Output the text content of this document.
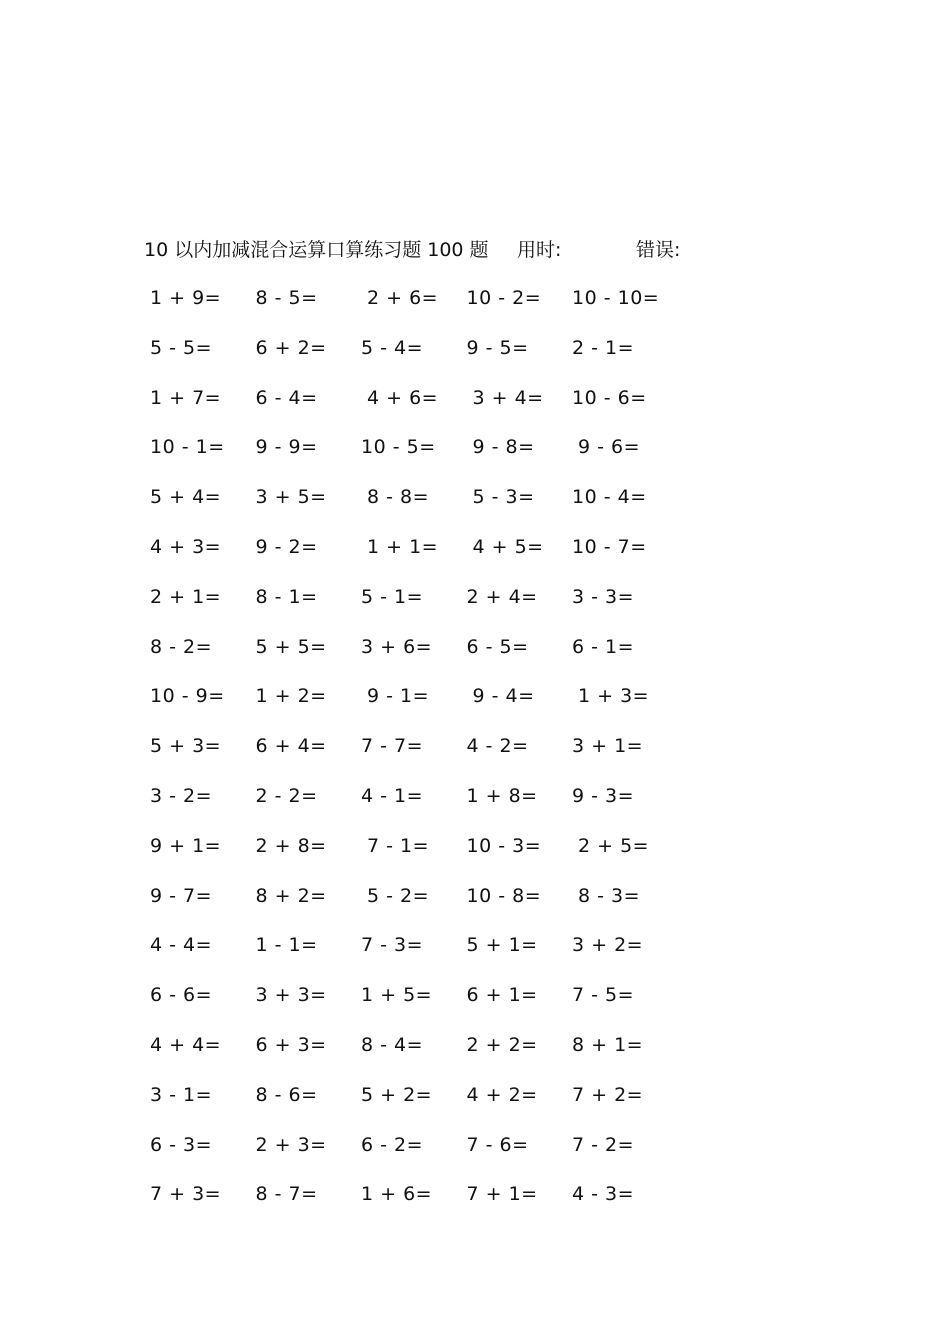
10 以内加减混合运算口算练习题 100 题 用时:	错误:
1 + 9=	8 - 5=	2 + 6=	10 - 2=	10 - 10=
5 - 5=	6 + 2=	5 - 4=	9 - 5=	2 - 1=
1 + 7=	6 - 4=	4 + 6=	3 + 4=	10 - 6=
10 - 1=	9 - 9=	10 - 5=	9 - 8=	9 - 6=
5 + 4=	3 + 5=	8 - 8=	5 - 3=	10 - 4=
4 + 3=	9 - 2=	1 + 1=	4 + 5=	10 - 7=
2 + 1=	8 - 1=	5 - 1=	2 + 4=	3 - 3=
8 - 2=	5 + 5=	3 + 6=	6 - 5=	6 - 1=
10 - 9=	1 + 2=	9 - 1=	9 - 4=	1 + 3=
5 + 3=	6 + 4=	7 - 7=	4 - 2=	3 + 1=
3 - 2=	2 - 2=	4 - 1=	1 + 8=	9 - 3=
9 + 1=	2 + 8=	7 - 1=	10 - 3=	2 + 5=
9 - 7=	8 + 2=	5 - 2=	10 - 8=	8 - 3=
4 - 4=	1 - 1=	7 - 3=	5 + 1=	3 + 2=
6 - 6=	3 + 3=	1 + 5=	6 + 1=	7 - 5=
4 + 4=	6 + 3=	8 - 4=	2 + 2=	8 + 1=
3 - 1=	8 - 6=	5 + 2=	4 + 2=	7 + 2=
6 - 3=	2 + 3=	6 - 2=	7 - 6=	7 - 2=
7 + 3=	8 - 7=	1 + 6=	7 + 1=	4 - 3=
